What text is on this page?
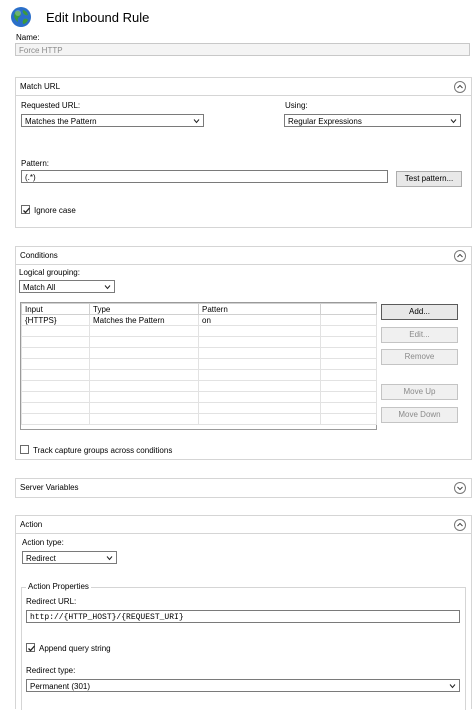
Edit Inbound Rule
Name:
Force HTTP
Match URL
Requested URL:
Matches the Pattern
Using:
Regular Expressions
Pattern:
(.*)	Test pattern...
Ignore case
Conditions
Logical grouping:
Match All
Input	Type	Pattern	
{HTTPS}	Matches the Pattern	on	

Add...
Edit...
Remove
Move Up
Move Down
Track capture groups across conditions
Server Variables
Action
Action type:
Redirect
Action Properties
Redirect URL:
http://{HTTP_HOST}/{REQUEST_URI}
Append query string
Redirect type:
Permanent (301)
